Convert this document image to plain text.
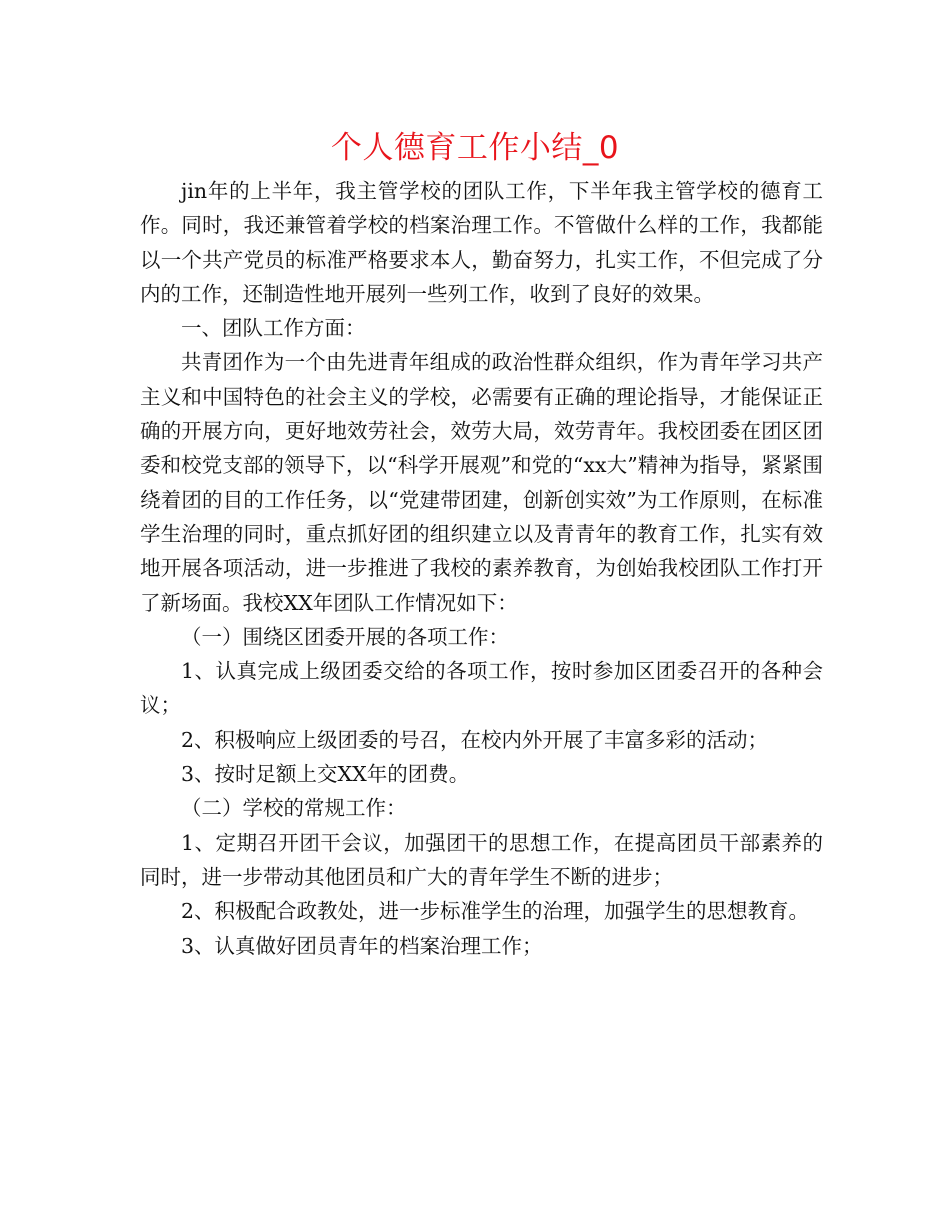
个人德育工作小结_0

jin年的上半年，我主管学校的团队工作，下半年我主管学校的德育工作。同时，我还兼管着学校的档案治理工作。不管做什么样的工作，我都能以一个共产党员的标准严格要求本人，勤奋努力，扎实工作，不但完成了分内的工作，还制造性地开展列一些列工作，收到了良好的效果。

一、团队工作方面：

共青团作为一个由先进青年组成的政治性群众组织，作为青年学习共产主义和中国特色的社会主义的学校，必需要有正确的理论指导，才能保证正确的开展方向，更好地效劳社会，效劳大局，效劳青年。我校团委在团区团委和校党支部的领导下，以“科学开展观”和党的“xx大”精神为指导，紧紧围绕着团的目的工作任务，以“党建带团建，创新创实效”为工作原则，在标准学生治理的同时，重点抓好团的组织建立以及青青年的教育工作，扎实有效地开展各项活动，进一步推进了我校的素养教育，为创始我校团队工作打开了新场面。我校XX年团队工作情况如下：

（一）围绕区团委开展的各项工作：

1、认真完成上级团委交给的各项工作，按时参加区团委召开的各种会议；

2、积极响应上级团委的号召，在校内外开展了丰富多彩的活动；

3、按时足额上交XX年的团费。

（二）学校的常规工作：

1、定期召开团干会议，加强团干的思想工作，在提高团员干部素养的同时，进一步带动其他团员和广大的青年学生不断的进步；

2、积极配合政教处，进一步标准学生的治理，加强学生的思想教育。

3、认真做好团员青年的档案治理工作；
